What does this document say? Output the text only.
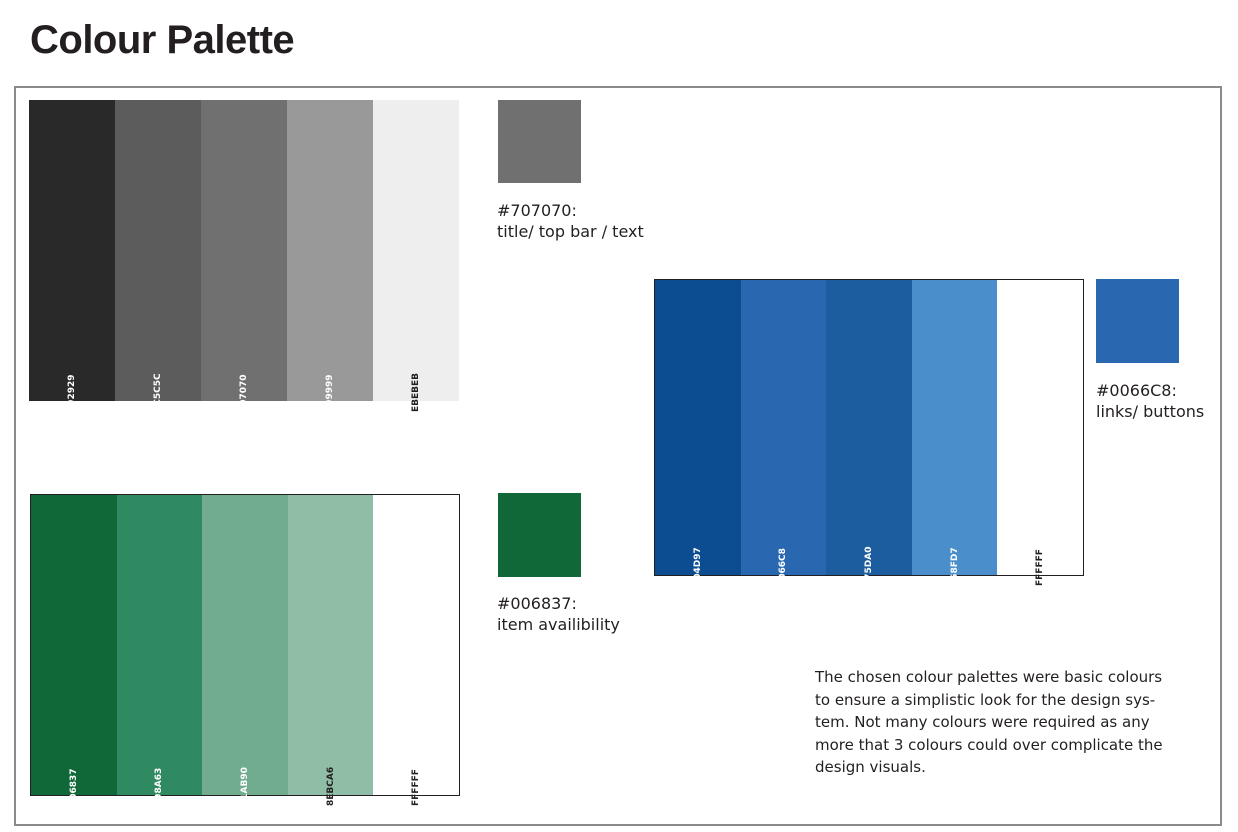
Colour Palette
292929	5C5C5C	707070	999999	EBEBEB
#707070:
title/ top bar / text
004D97	0066C8	175DA0	458FD7	FFFFFF
#0066C8:
links/ buttons
006837	398A63	71AB90	8EBCA6	FFFFFF
#006837:
item availibility
The chosen colour palettes were basic colours
to ensure a simplistic look for the design sys-
tem. Not many colours were required as any
more that 3 colours could over complicate the
design visuals.
